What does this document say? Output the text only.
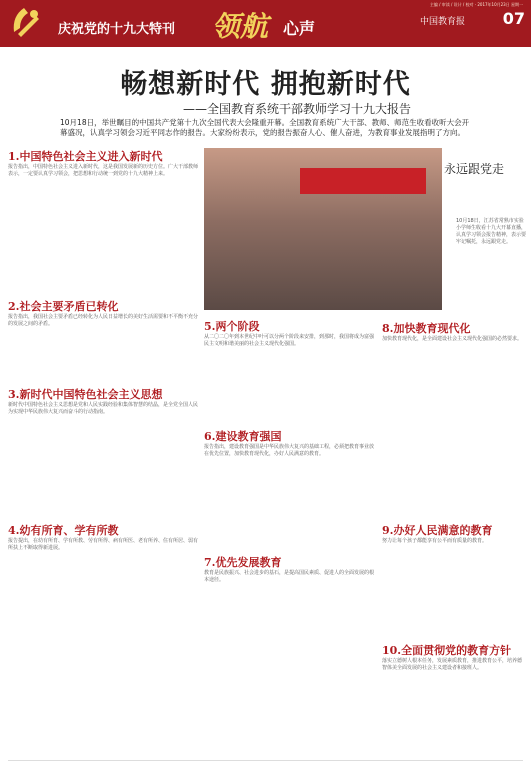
庆祝党的十九大特刊 领航 心声
主编 / 审读 / 设计 / 校对 · 2017年10月23日 星期一
中国教育报 07
畅想新时代 拥抱新时代
——全国教育系统干部教师学习十九大报告
10月18日，举世瞩目的中国共产党第十九次全国代表大会隆重开幕。全国教育系统广大干部、教师、师范生收看收听大会开幕盛况，认真学习领会习近平同志作的报告。大家纷纷表示，党的报告振奋人心、催人奋进，为教育事业发展指明了方向。
1.中国特色社会主义进入新时代
报告指出，中国特色社会主义进入新时代，这是我国发展新的历史方位。广大干部教师表示，一定要认真学习领会，把思想和行动统一到党的十九大精神上来。	永远跟党走
10月18日，江苏省常熟市实验小学师生收看十九大开幕直播，认真学习领会报告精神，表示要牢记嘱托，永远跟党走。
2.社会主要矛盾已转化
报告指出，我国社会主要矛盾已经转化为人民日益增长的美好生活需要和不平衡不充分的发展之间的矛盾。
3.新时代中国特色社会主义思想
新时代中国特色社会主义思想是党和人民实践经验和集体智慧的结晶，是全党全国人民为实现中华民族伟大复兴而奋斗的行动指南。
4.幼有所育、学有所教
报告提出，在幼有所育、学有所教、劳有所得、病有所医、老有所养、住有所居、弱有所扶上不断取得新进展。
5.两个阶段
从二〇二〇年到本世纪中叶可以分两个阶段来安排，到那时，我国将成为富强民主文明和谐美丽的社会主义现代化强国。
6.建设教育强国
报告指出，建设教育强国是中华民族伟大复兴的基础工程，必须把教育事业放在优先位置，加快教育现代化，办好人民满意的教育。
7.优先发展教育
教育是民族振兴、社会进步的基石，是提高国民素质、促进人的全面发展的根本途径。
8.加快教育现代化
加快教育现代化，是全面建设社会主义现代化强国的必然要求。
9.办好人民满意的教育
努力让每个孩子都能享有公平而有质量的教育。
10.全面贯彻党的教育方针
落实立德树人根本任务，发展素质教育，推进教育公平，培养德智体美全面发展的社会主义建设者和接班人。
